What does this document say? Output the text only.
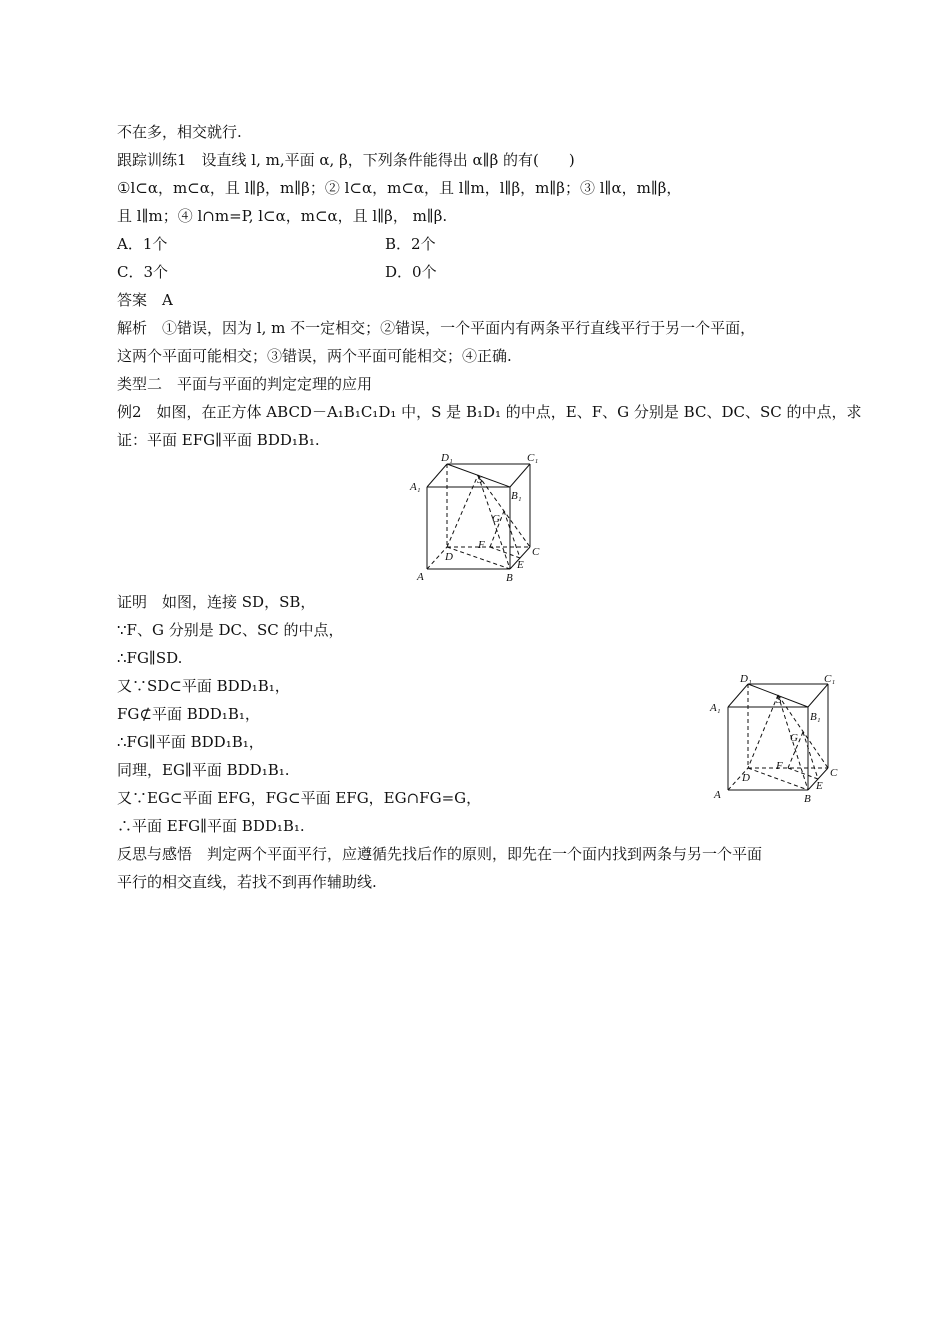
不在多，相交就行.
跟踪训练1　设直线 l, m,平面 α, β，下列条件能得出 α∥β 的有(　　)
①l⊂α，m⊂α，且 l∥β，m∥β；② l⊂α，m⊂α，且 l∥m，l∥β，m∥β；③ l∥α，m∥β，
且 l∥m；④ l∩m=P, l⊂α，m⊂α，且 l∥β， m∥β.
A．1个	B．2个
C．3个	D．0个
答案　A
解析　①错误，因为 l, m 不一定相交；②错误，一个平面内有两条平行直线平行于另一个平面，
这两个平面可能相交；③错误，两个平面可能相交；④正确.
类型二　平面与平面的判定定理的应用
例2　如图，在正方体 ABCD－A₁B₁C₁D₁ 中，S 是 B₁D₁ 的中点，E、F、G 分别是 BC、DC、SC 的中点，求
证：平面 EFG∥平面 BDD₁B₁.
D₁	C₁
A₁
B₁
S
G
F
D	C
E
A	B
证明　如图，连接 SD，SB，
∵F、G 分别是 DC、SC 的中点，
∴FG∥SD.
又∵SD⊂平面 BDD₁B₁，
FG⊄平面 BDD₁B₁，
∴FG∥平面 BDD₁B₁，
同理，EG∥平面 BDD₁B₁.
又∵EG⊂平面 EFG，FG⊂平面 EFG，EG∩FG=G，
∴平面 EFG∥平面 BDD₁B₁.
反思与感悟　判定两个平面平行，应遵循先找后作的原则，即先在一个面内找到两条与另一个平面
平行的相交直线，若找不到再作辅助线.
D₁	C₁
A₁
B₁
S
G
F
D	C
E
A	B
